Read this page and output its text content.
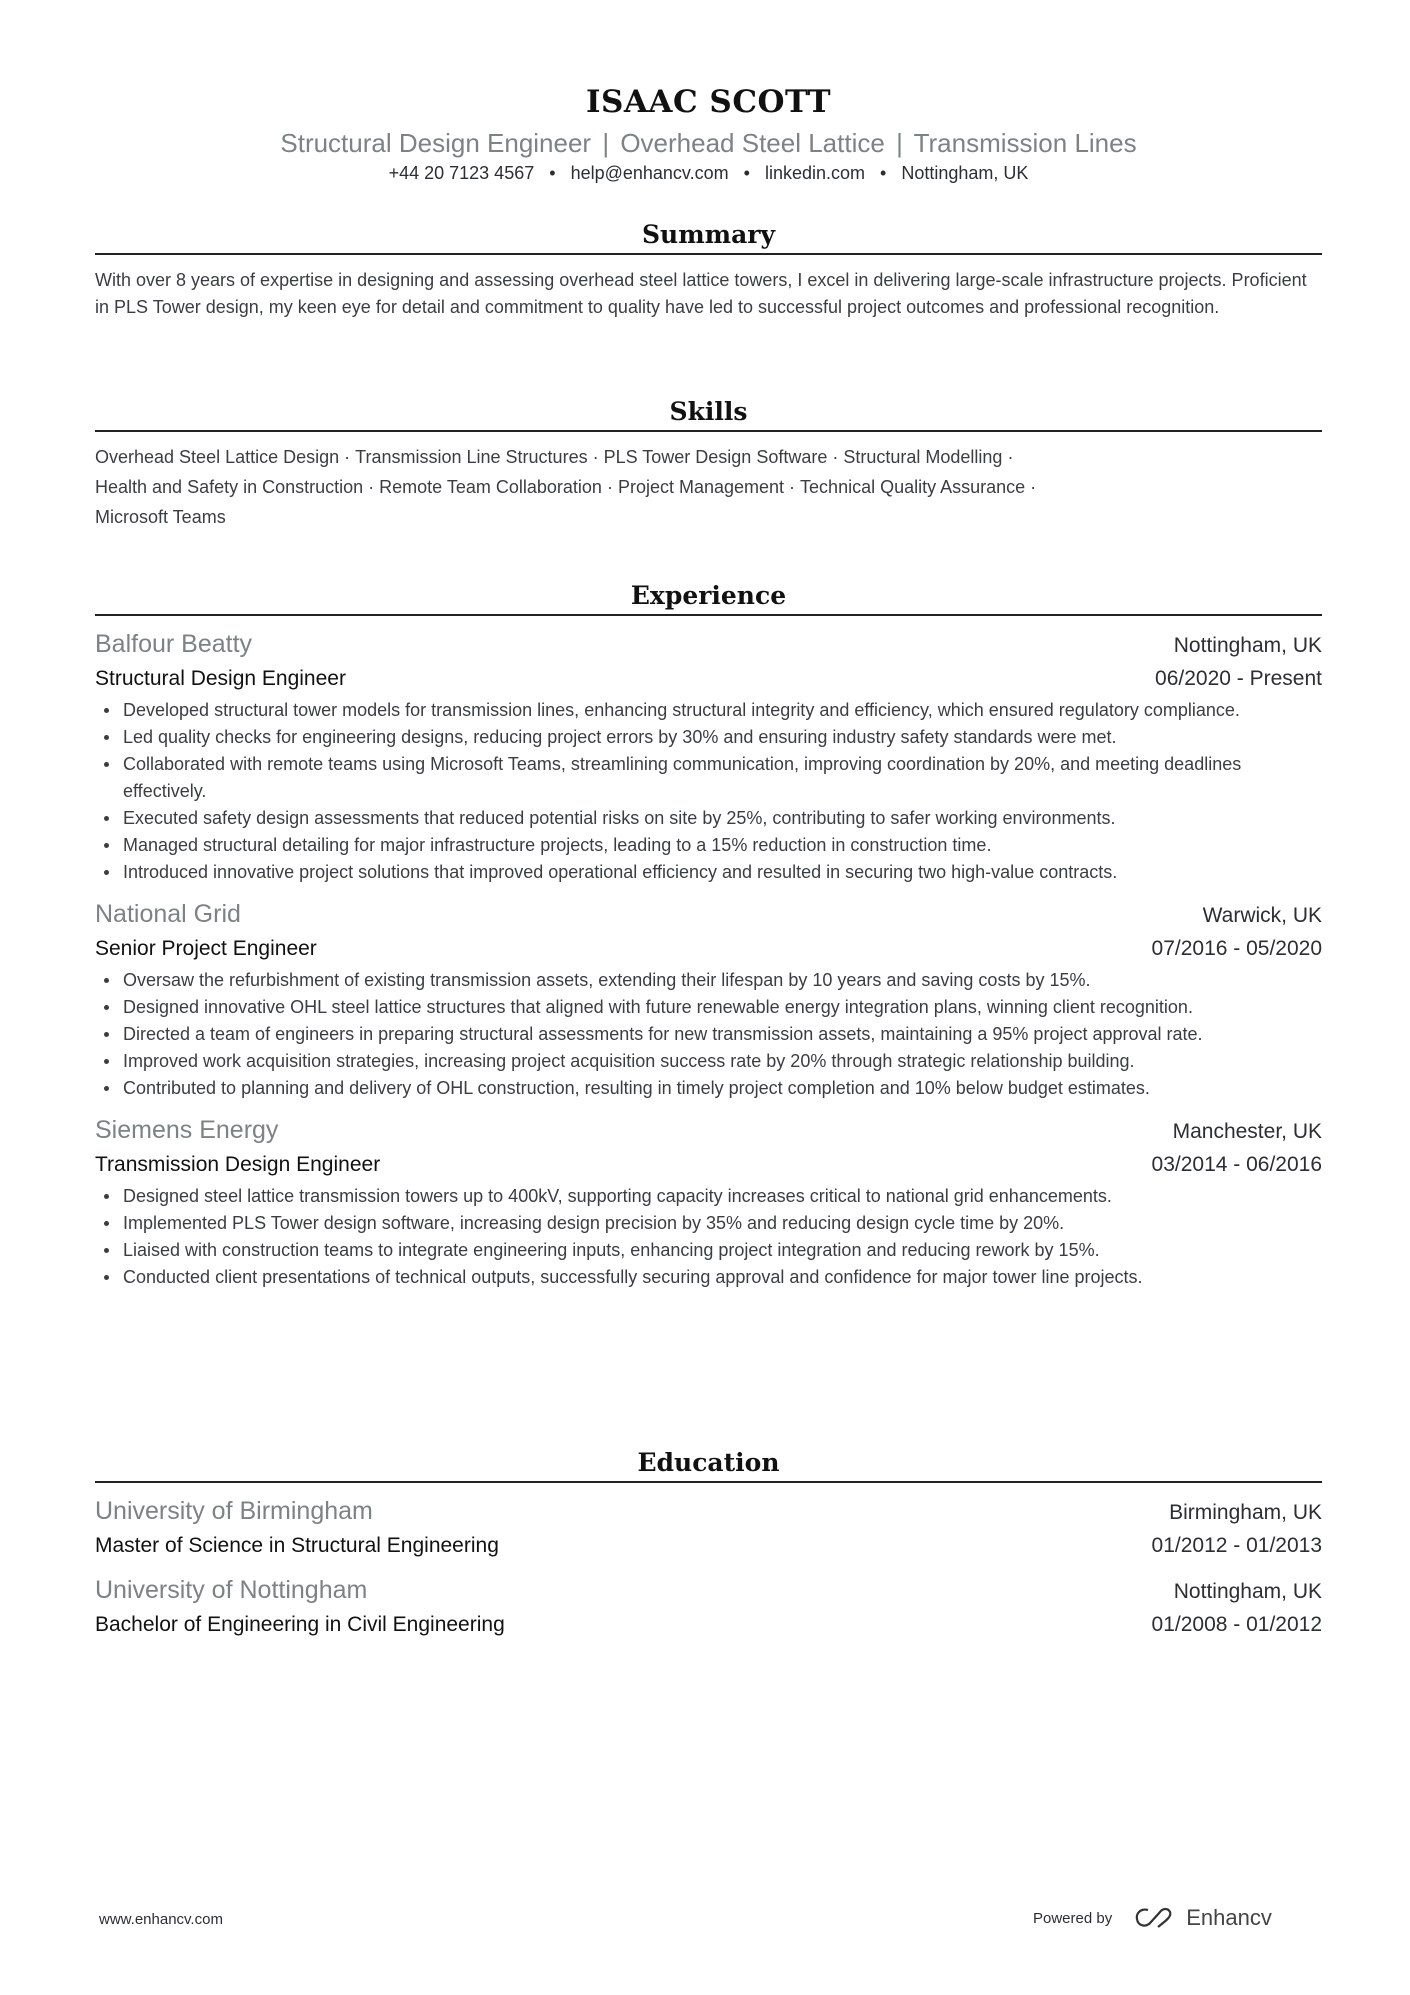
ISAAC SCOTT
Structural Design Engineer | Overhead Steel Lattice | Transmission Lines
+44 20 7123 4567 • help@enhancv.com • linkedin.com • Nottingham, UK
Summary
With over 8 years of expertise in designing and assessing overhead steel lattice towers, I excel in delivering large-scale infrastructure projects. Proficient in PLS Tower design, my keen eye for detail and commitment to quality have led to successful project outcomes and professional recognition.
Skills
Overhead Steel Lattice Design · Transmission Line Structures · PLS Tower Design Software · Structural Modelling ·
Health and Safety in Construction · Remote Team Collaboration · Project Management · Technical Quality Assurance ·
Microsoft Teams
Experience
Balfour Beatty	Nottingham, UK
Structural Design Engineer	06/2020 - Present
Developed structural tower models for transmission lines, enhancing structural integrity and efficiency, which ensured regulatory compliance.
Led quality checks for engineering designs, reducing project errors by 30% and ensuring industry safety standards were met.
Collaborated with remote teams using Microsoft Teams, streamlining communication, improving coordination by 20%, and meeting deadlines effectively.
Executed safety design assessments that reduced potential risks on site by 25%, contributing to safer working environments.
Managed structural detailing for major infrastructure projects, leading to a 15% reduction in construction time.
Introduced innovative project solutions that improved operational efficiency and resulted in securing two high-value contracts.
National Grid	Warwick, UK
Senior Project Engineer	07/2016 - 05/2020
Oversaw the refurbishment of existing transmission assets, extending their lifespan by 10 years and saving costs by 15%.
Designed innovative OHL steel lattice structures that aligned with future renewable energy integration plans, winning client recognition.
Directed a team of engineers in preparing structural assessments for new transmission assets, maintaining a 95% project approval rate.
Improved work acquisition strategies, increasing project acquisition success rate by 20% through strategic relationship building.
Contributed to planning and delivery of OHL construction, resulting in timely project completion and 10% below budget estimates.
Siemens Energy	Manchester, UK
Transmission Design Engineer	03/2014 - 06/2016
Designed steel lattice transmission towers up to 400kV, supporting capacity increases critical to national grid enhancements.
Implemented PLS Tower design software, increasing design precision by 35% and reducing design cycle time by 20%.
Liaised with construction teams to integrate engineering inputs, enhancing project integration and reducing rework by 15%.
Conducted client presentations of technical outputs, successfully securing approval and confidence for major tower line projects.
Education
University of Birmingham	Birmingham, UK
Master of Science in Structural Engineering	01/2012 - 01/2013
University of Nottingham	Nottingham, UK
Bachelor of Engineering in Civil Engineering	01/2008 - 01/2012
www.enhancv.com	Powered by	Enhancv
